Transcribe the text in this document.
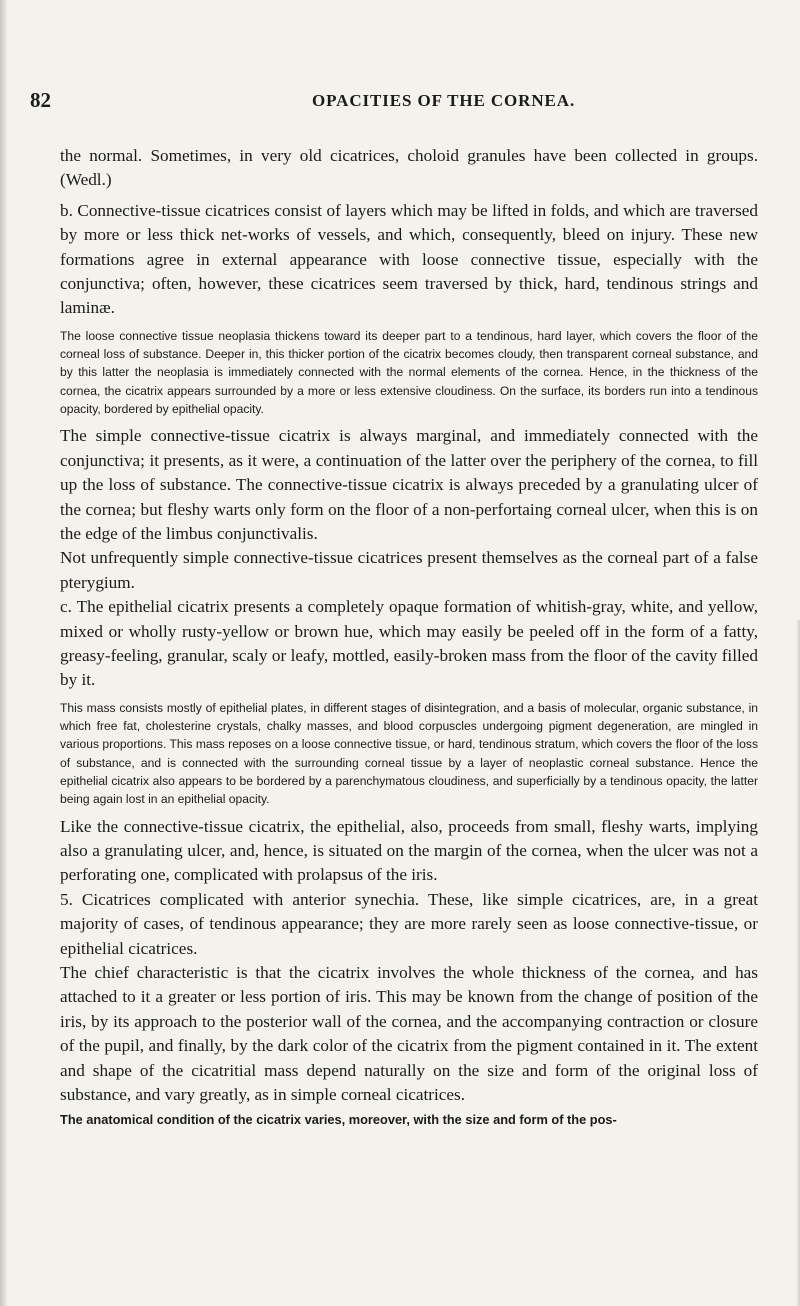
82	OPACITIES OF THE CORNEA.

the normal. Sometimes, in very old cicatrices, choloid granules have been collected in groups. (Wedl.)

b. Connective-tissue cicatrices consist of layers which may be lifted in folds, and which are traversed by more or less thick net-works of vessels, and which, consequently, bleed on injury. These new formations agree in external appearance with loose connective tissue, especially with the conjunctiva; often, however, these cicatrices seem traversed by thick, hard, tendinous strings and laminæ.

The loose connective tissue neoplasia thickens toward its deeper part to a tendinous, hard layer, which covers the floor of the corneal loss of substance. Deeper in, this thicker portion of the cicatrix becomes cloudy, then transparent corneal substance, and by this latter the neoplasia is immediately connected with the normal elements of the cornea. Hence, in the thickness of the cornea, the cicatrix appears surrounded by a more or less extensive cloudiness. On the surface, its borders run into a tendinous opacity, bordered by epithelial opacity.

The simple connective-tissue cicatrix is always marginal, and immediately connected with the conjunctiva; it presents, as it were, a continuation of the latter over the periphery of the cornea, to fill up the loss of substance. The connective-tissue cicatrix is always preceded by a granulating ulcer of the cornea; but fleshy warts only form on the floor of a non-perfortaing corneal ulcer, when this is on the edge of the limbus conjunctivalis.

Not unfrequently simple connective-tissue cicatrices present themselves as the corneal part of a false pterygium.

c. The epithelial cicatrix presents a completely opaque formation of whitish-gray, white, and yellow, mixed or wholly rusty-yellow or brown hue, which may easily be peeled off in the form of a fatty, greasy-feeling, granular, scaly or leafy, mottled, easily-broken mass from the floor of the cavity filled by it.

This mass consists mostly of epithelial plates, in different stages of disintegration, and a basis of molecular, organic substance, in which free fat, cholesterine crystals, chalky masses, and blood corpuscles undergoing pigment degeneration, are mingled in various proportions. This mass reposes on a loose connective tissue, or hard, tendinous stratum, which covers the floor of the loss of substance, and is connected with the surrounding corneal tissue by a layer of neoplastic corneal substance. Hence the epithelial cicatrix also appears to be bordered by a parenchymatous cloudiness, and superficially by a tendinous opacity, the latter being again lost in an epithelial opacity.

Like the connective-tissue cicatrix, the epithelial, also, proceeds from small, fleshy warts, implying also a granulating ulcer, and, hence, is situated on the margin of the cornea, when the ulcer was not a perforating one, complicated with prolapsus of the iris.

5. Cicatrices complicated with anterior synechia. These, like simple cicatrices, are, in a great majority of cases, of tendinous appearance; they are more rarely seen as loose connective-tissue, or epithelial cicatrices.

The chief characteristic is that the cicatrix involves the whole thickness of the cornea, and has attached to it a greater or less portion of iris. This may be known from the change of position of the iris, by its approach to the posterior wall of the cornea, and the accompanying contraction or closure of the pupil, and finally, by the dark color of the cicatrix from the pigment contained in it. The extent and shape of the cicatritial mass depend naturally on the size and form of the original loss of substance, and vary greatly, as in simple corneal cicatrices.

The anatomical condition of the cicatrix varies, moreover, with the size and form of the pos-
